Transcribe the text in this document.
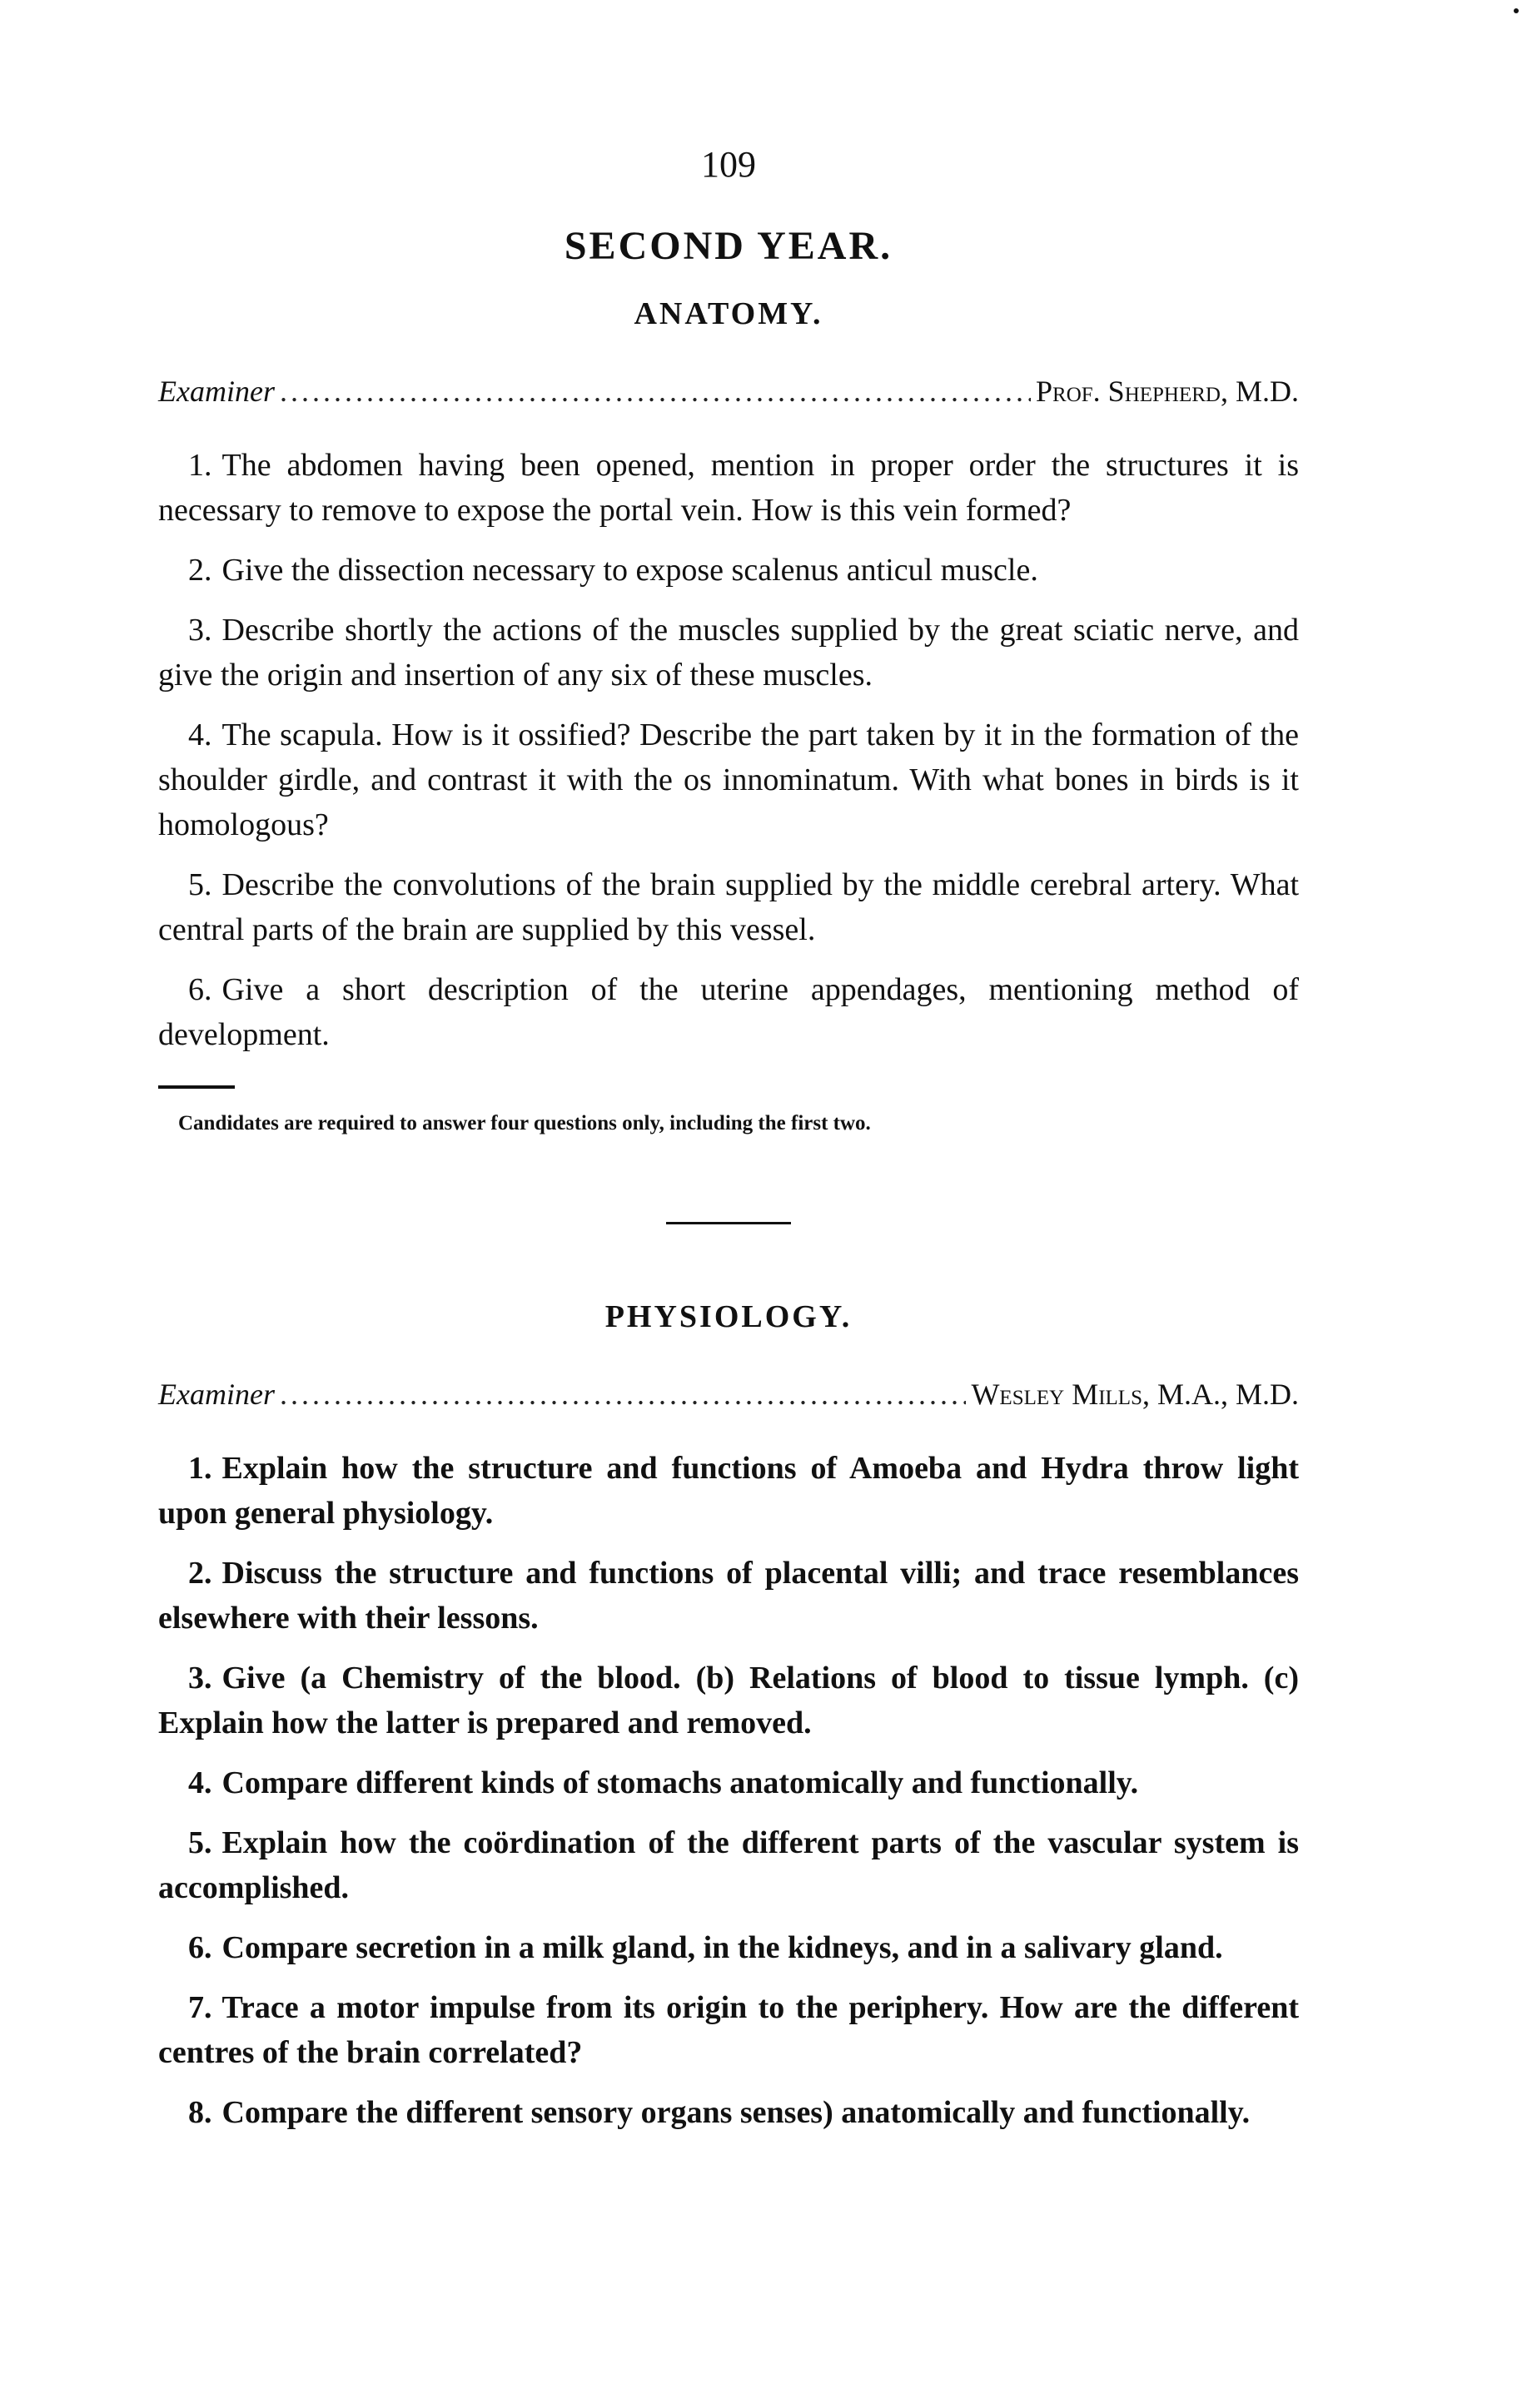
109

SECOND YEAR.
ANATOMY.
Examiner .....	Prof. Shepherd, M.D.
1. The abdomen having been opened, mention in proper order the structures it is necessary to remove to expose the portal vein. How is this vein formed?
2. Give the dissection necessary to expose scalenus anticul muscle.
3. Describe shortly the actions of the muscles supplied by the great sciatic nerve, and give the origin and insertion of any six of these muscles.
4. The scapula. How is it ossified? Describe the part taken by it in the formation of the shoulder girdle, and contrast it with the os innominatum. With what bones in birds is it homologous?
5. Describe the convolutions of the brain supplied by the middle cerebral artery. What central parts of the brain are supplied by this vessel.
6. Give a short description of the uterine appendages, mentioning method of development.

Candidates are required to answer four questions only, including the first two.

PHYSIOLOGY.
Examiner .....	Wesley Mills, M.A., M.D.
1. Explain how the structure and functions of Amoeba and Hydra throw light upon general physiology.
2. Discuss the structure and functions of placental villi; and trace resemblances elsewhere with their lessons.
3. Give (a Chemistry of the blood. (b) Relations of blood to tissue lymph. (c) Explain how the latter is prepared and removed.
4. Compare different kinds of stomachs anatomically and functionally.
5. Explain how the coördination of the different parts of the vascular system is accomplished.
6. Compare secretion in a milk gland, in the kidneys, and in a salivary gland.
7. Trace a motor impulse from its origin to the periphery. How are the different centres of the brain correlated?
8. Compare the different sensory organs senses) anatomically and functionally.
